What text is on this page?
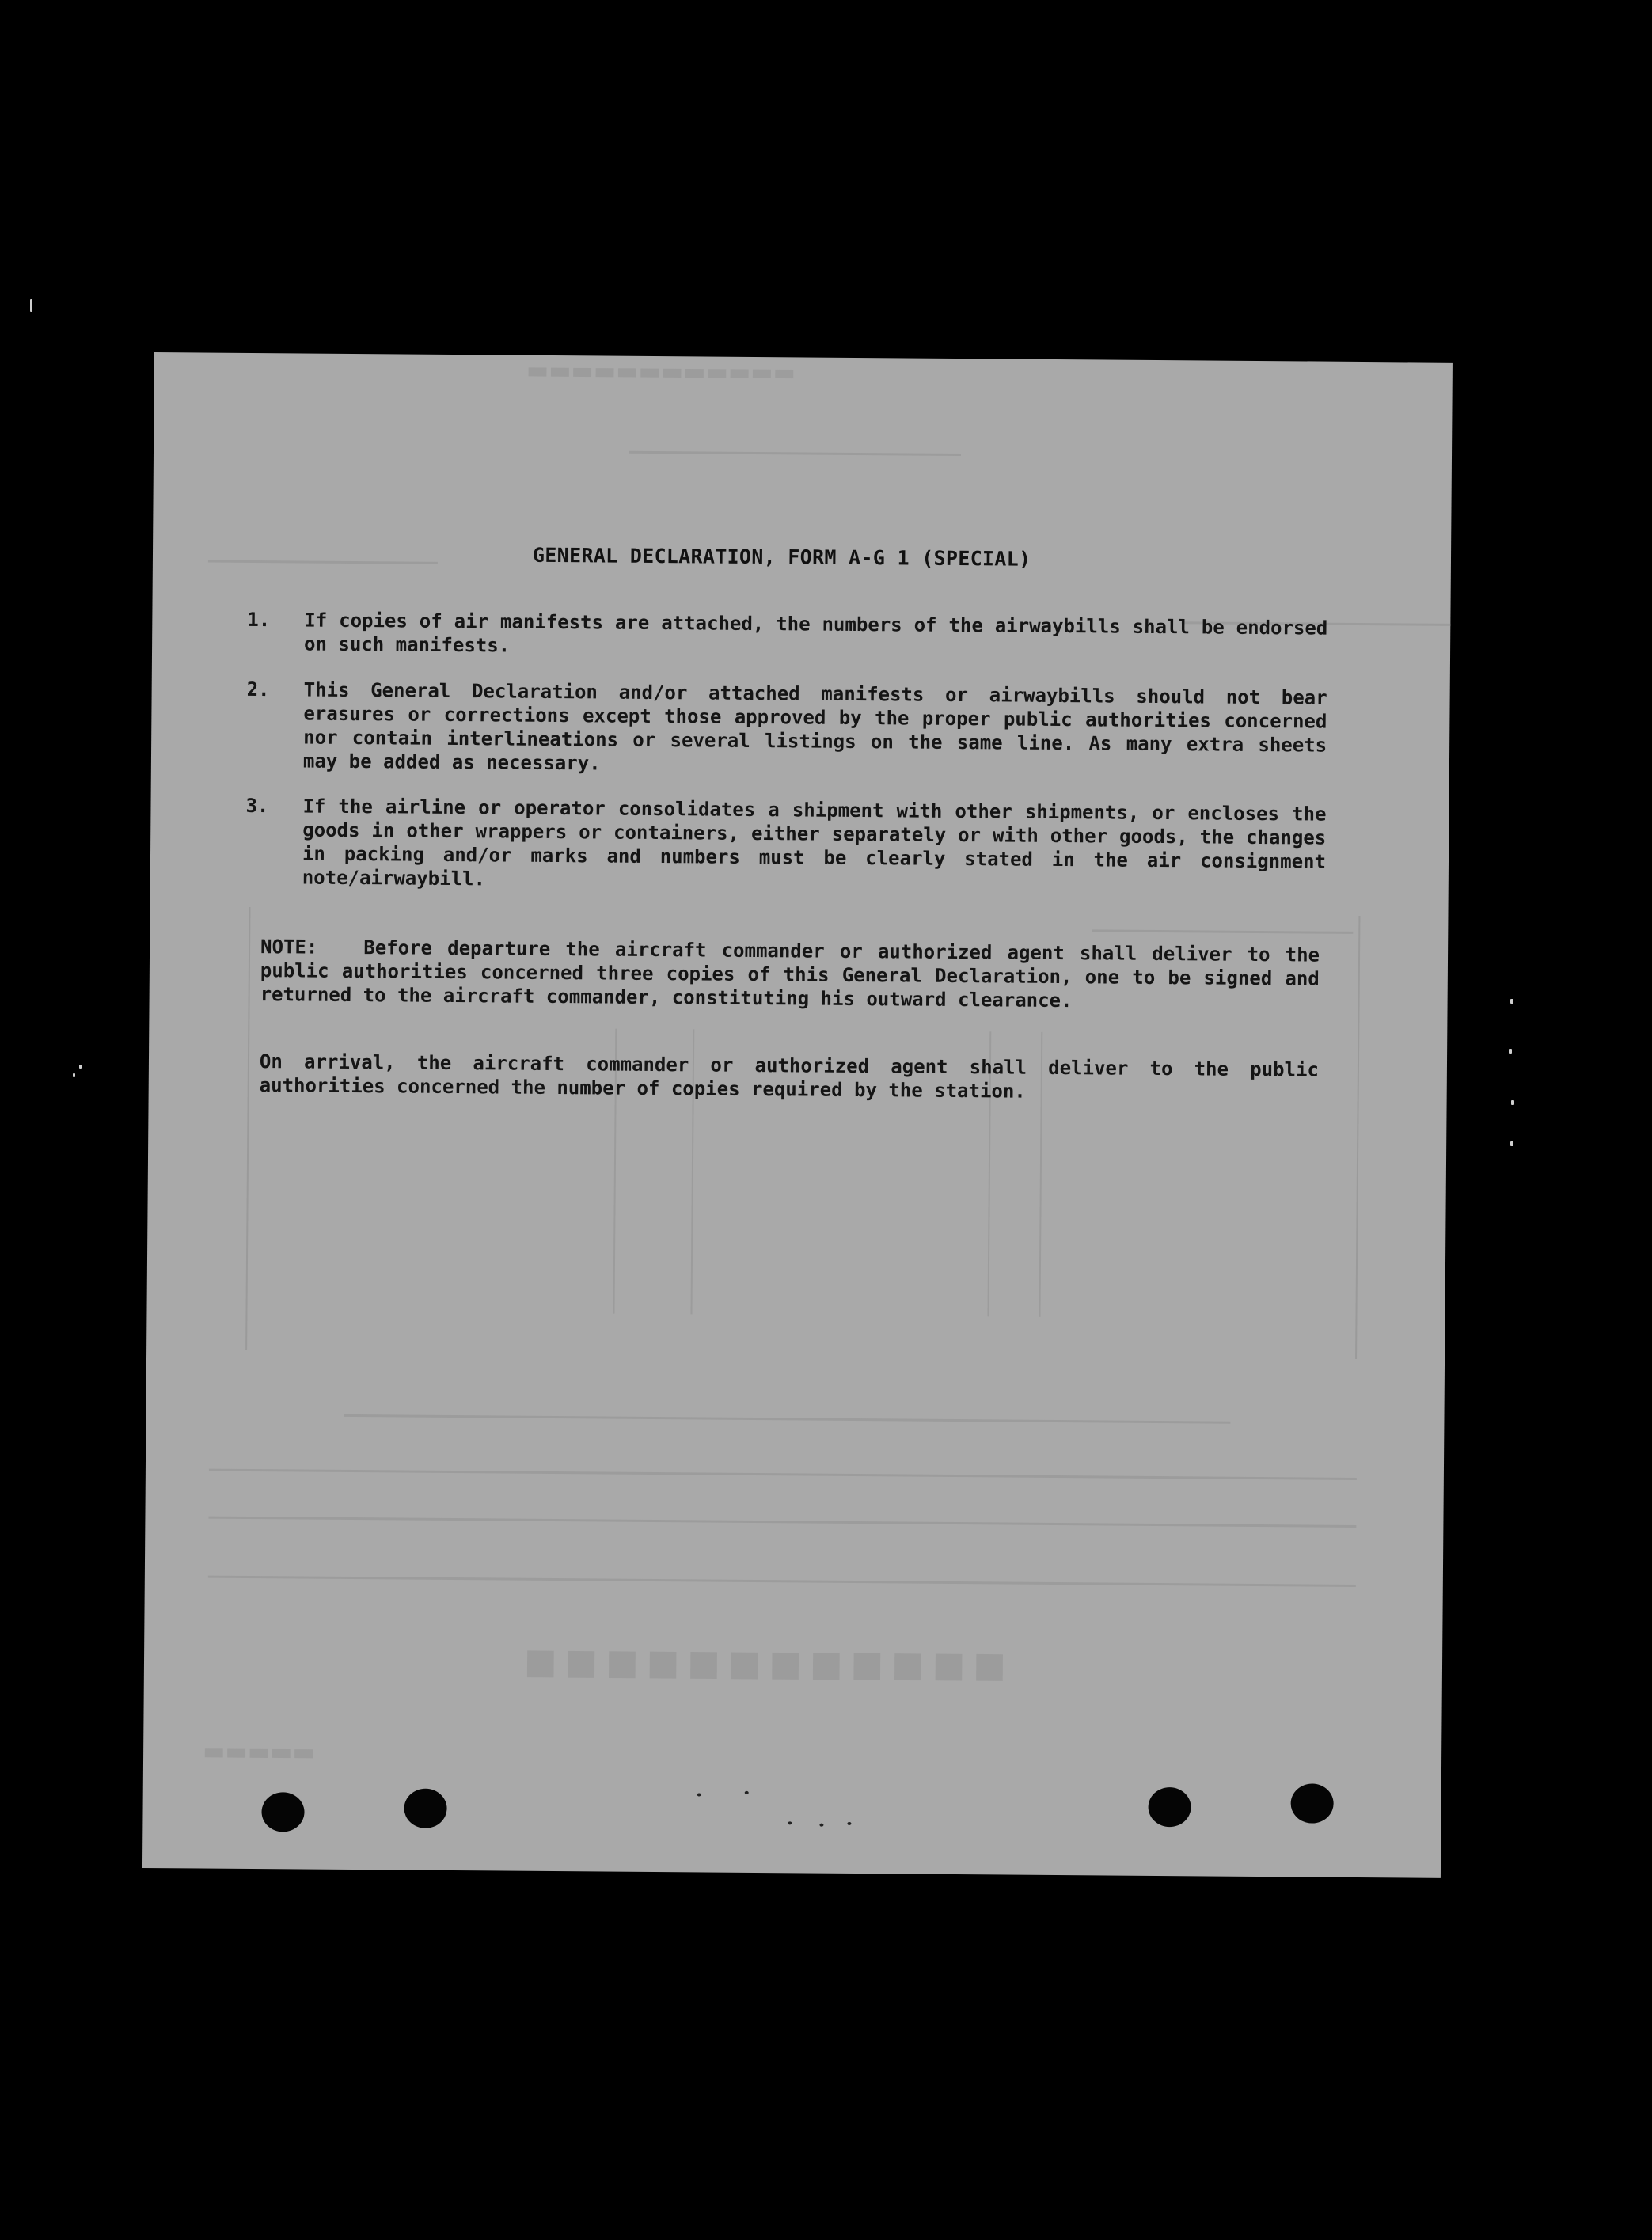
▬▬▬▬▬▬▬▬▬▬▬▬
■■■■■■■■■■■■
▬▬▬▬▬
GENERAL DECLARATION, FORM A-G 1 (SPECIAL)
1. If copies of air manifests are attached, the numbers of the airwaybills shall be endorsed on such manifests.
2. This General Declaration and/or attached manifests or airwaybills should not bear erasures or corrections except those approved by the proper public authorities concerned nor contain interlineations or several listings on the same line. As many extra sheets may be added as necessary.
3. If the airline or operator consolidates a shipment with other shipments, or encloses the goods in other wrappers or containers, either separately or with other goods, the changes in packing and/or marks and numbers must be clearly stated in the air consignment note/airwaybill.
NOTE: Before departure the aircraft commander or authorized agent shall deliver to the public authorities concerned three copies of this General Declaration, one to be signed and returned to the aircraft commander, constituting his outward clearance.
On arrival, the aircraft commander or authorized agent shall deliver to the public authorities concerned the number of copies required by the station.
